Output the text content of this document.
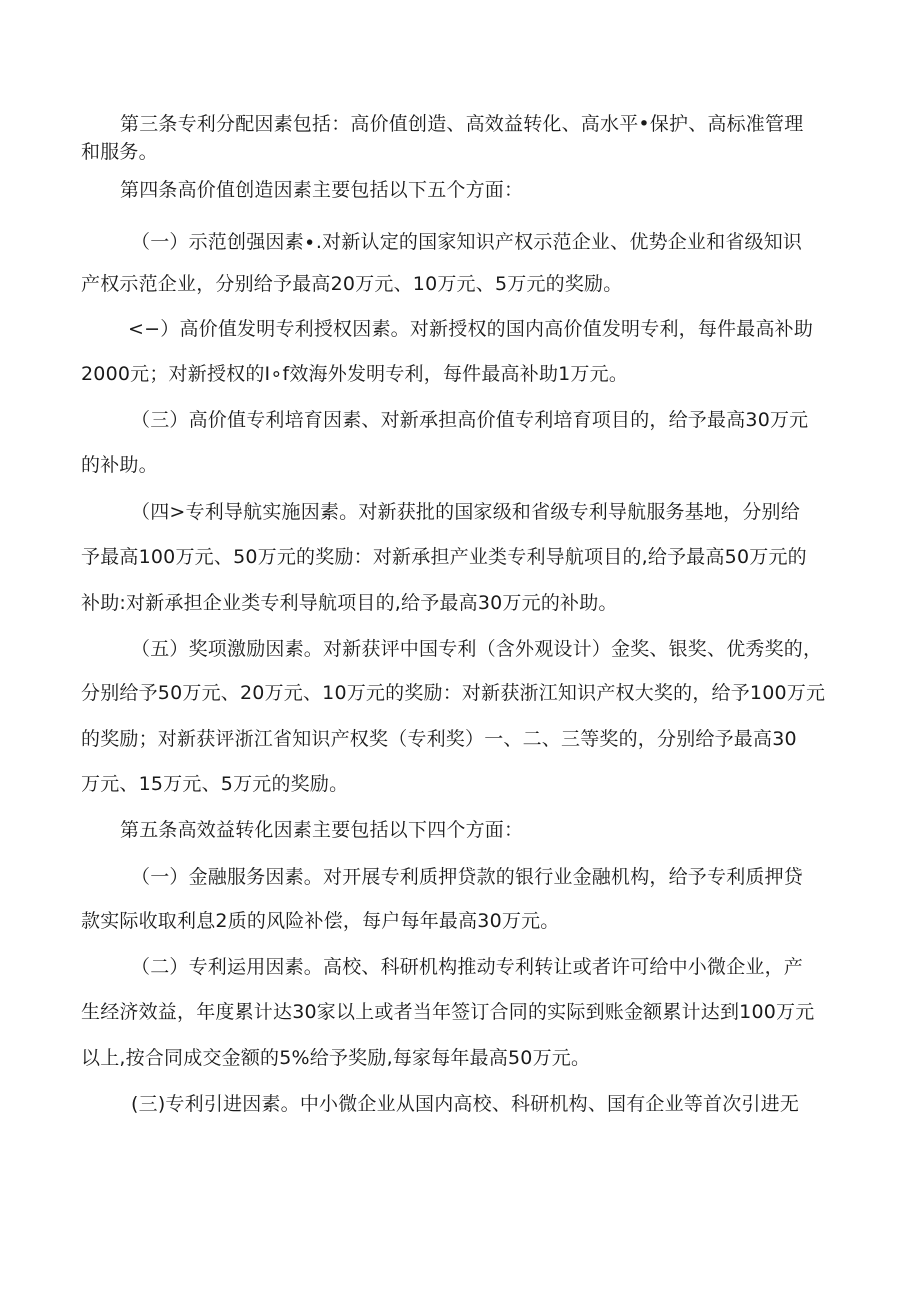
第三条专利分配因素包括：高价值创造、高效益转化、高水平•保护、高标准管理
和服务。
第四条高价值创造因素主要包括以下五个方面：
（一）示范创强因素∙.对新认定的国家知识产权示范企业、优势企业和省级知识
产权示范企业，分别给予最高20万元、10万元、5万元的奖励。
<−）高价值发明专利授权因素。对新授权的国内高价值发明专利，每件最高补助
2000元；对新授权的I∘f效海外发明专利，每件最高补助1万元。
（三）高价值专利培育因素、对新承担高价值专利培育项目的，给予最高30万元
的补助。
（四>专利导航实施因素。对新获批的国家级和省级专利导航服务基地，分别给
予最高100万元、50万元的奖励：对新承担产业类专利导航项目的,给予最高50万元的
补助:对新承担企业类专利导航项目的,给予最高30万元的补助。
（五）奖项激励因素。对新获评中国专利（含外观设计）金奖、银奖、优秀奖的，
分别给予50万元、20万元、10万元的奖励：对新获浙江知识产权大奖的，给予100万元
的奖励；对新获评浙江省知识产权奖（专利奖）一、二、三等奖的，分别给予最高30
万元、15万元、5万元的奖励。
第五条高效益转化因素主要包括以下四个方面：
（一）金融服务因素。对开展专利质押贷款的银行业金融机构，给予专利质押贷
款实际收取利息2质的风险补偿，每户每年最高30万元。
（二）专利运用因素。高校、科研机构推动专利转让或者许可给中小微企业，产
生经济效益，年度累计达30家以上或者当年签订合同的实际到账金额累计达到100万元
以上,按合同成交金额的5%给予奖励,每家每年最高50万元。
(三)专利引进因素。中小微企业从国内高校、科研机构、国有企业等首次引进无
